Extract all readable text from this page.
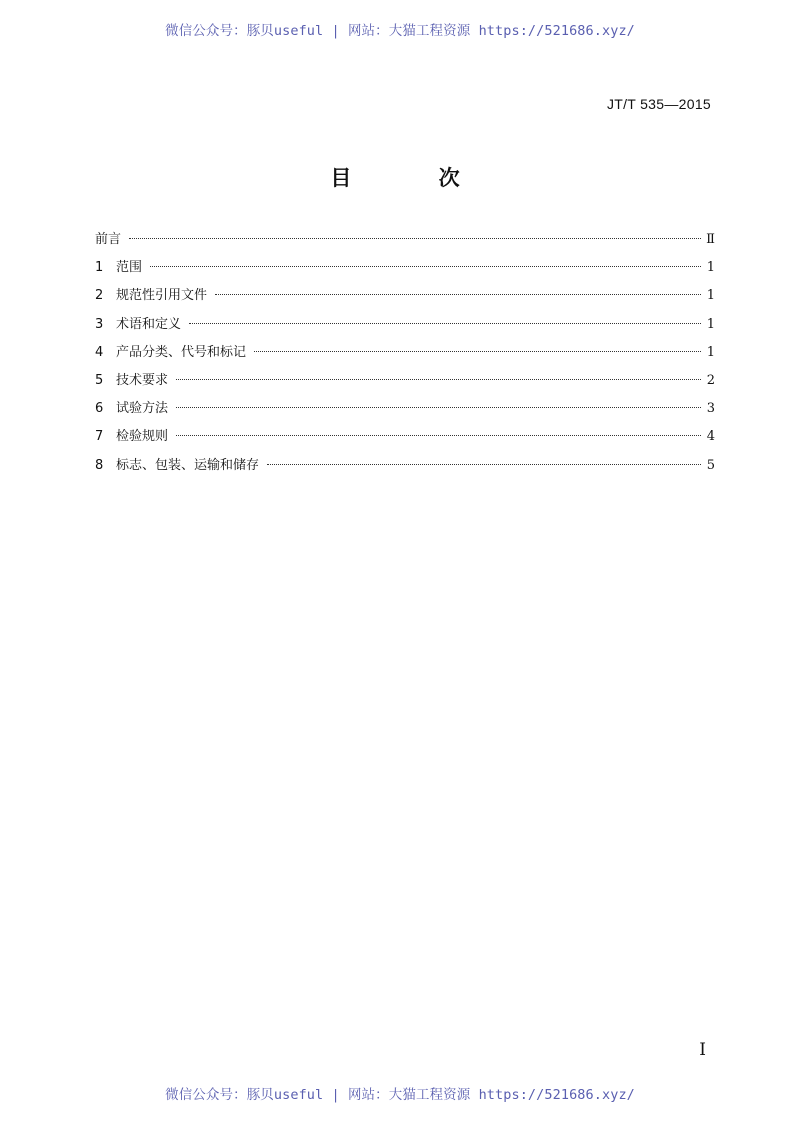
微信公众号：豚贝useful | 网站：大猫工程资源 https://521686.xyz/
JT/T 535—2015
目 次
前言	Ⅱ
1 范围	1
2 规范性引用文件	1
3 术语和定义	1
4 产品分类、代号和标记	1
5 技术要求	2
6 试验方法	3
7 检验规则	4
8 标志、包装、运输和储存	5
Ⅰ
微信公众号：豚贝useful | 网站：大猫工程资源 https://521686.xyz/
